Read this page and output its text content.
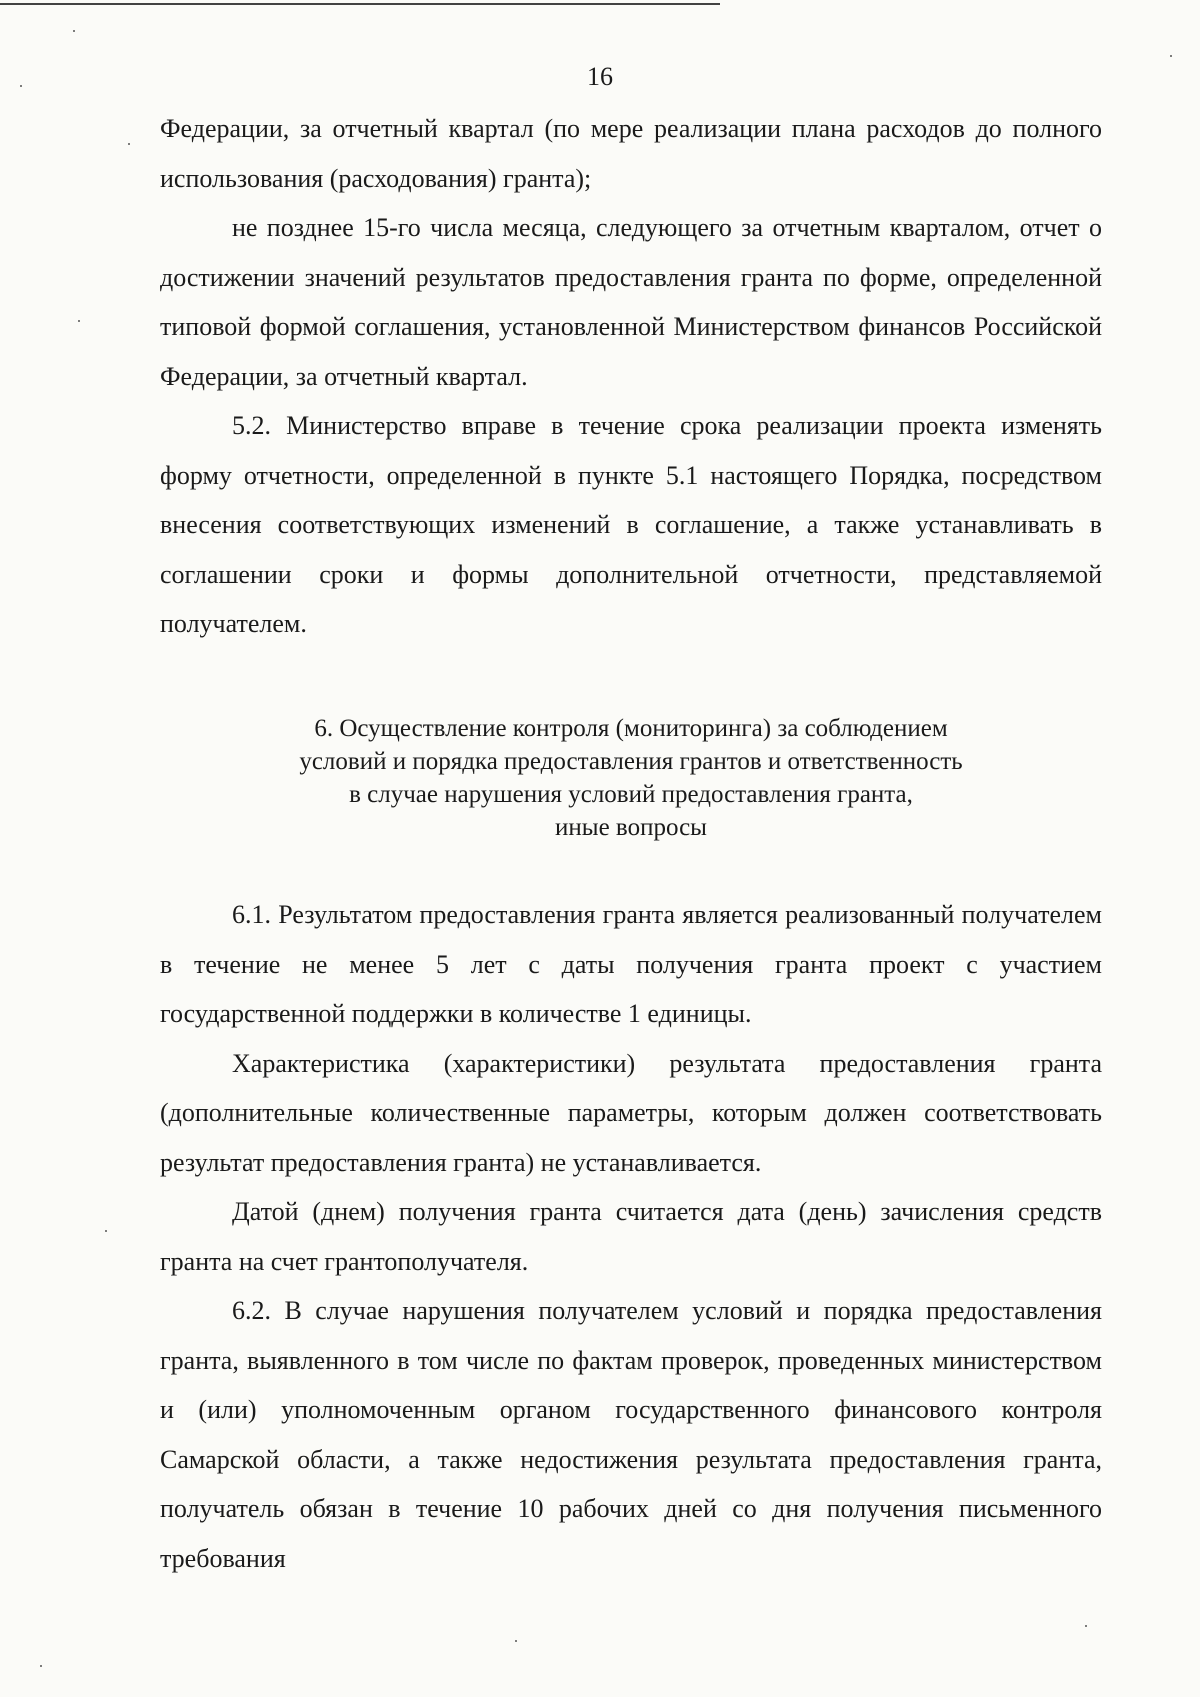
16

Федерации, за отчетный квартал (по мере реализации плана расходов до полного использования (расходования) гранта);

не позднее 15-го числа месяца, следующего за отчетным кварталом, отчет о достижении значений результатов предоставления гранта по форме, определенной типовой формой соглашения, установленной Министерством финансов Российской Федерации, за отчетный квартал.

5.2. Министерство вправе в течение срока реализации проекта изменять форму отчетности, определенной в пункте 5.1 настоящего Порядка, посредством внесения соответствующих изменений в соглашение, а также устанавливать в соглашении сроки и формы дополнительной отчетности, представляемой получателем.

6. Осуществление контроля (мониторинга) за соблюдением
условий и порядка предоставления грантов и ответственность
в случае нарушения условий предоставления гранта,
иные вопросы

6.1. Результатом предоставления гранта является реализованный получателем в течение не менее 5 лет с даты получения гранта проект с участием государственной поддержки в количестве 1 единицы.

Характеристика (характеристики) результата предоставления гранта (дополнительные количественные параметры, которым должен соответствовать результат предоставления гранта) не устанавливается.

Датой (днем) получения гранта считается дата (день) зачисления средств гранта на счет грантополучателя.

6.2. В случае нарушения получателем условий и порядка предоставления гранта, выявленного в том числе по фактам проверок, проведенных министерством и (или) уполномоченным органом государственного финансового контроля Самарской области, а также недостижения результата предоставления гранта, получатель обязан в течение 10 рабочих дней со дня получения письменного требования
